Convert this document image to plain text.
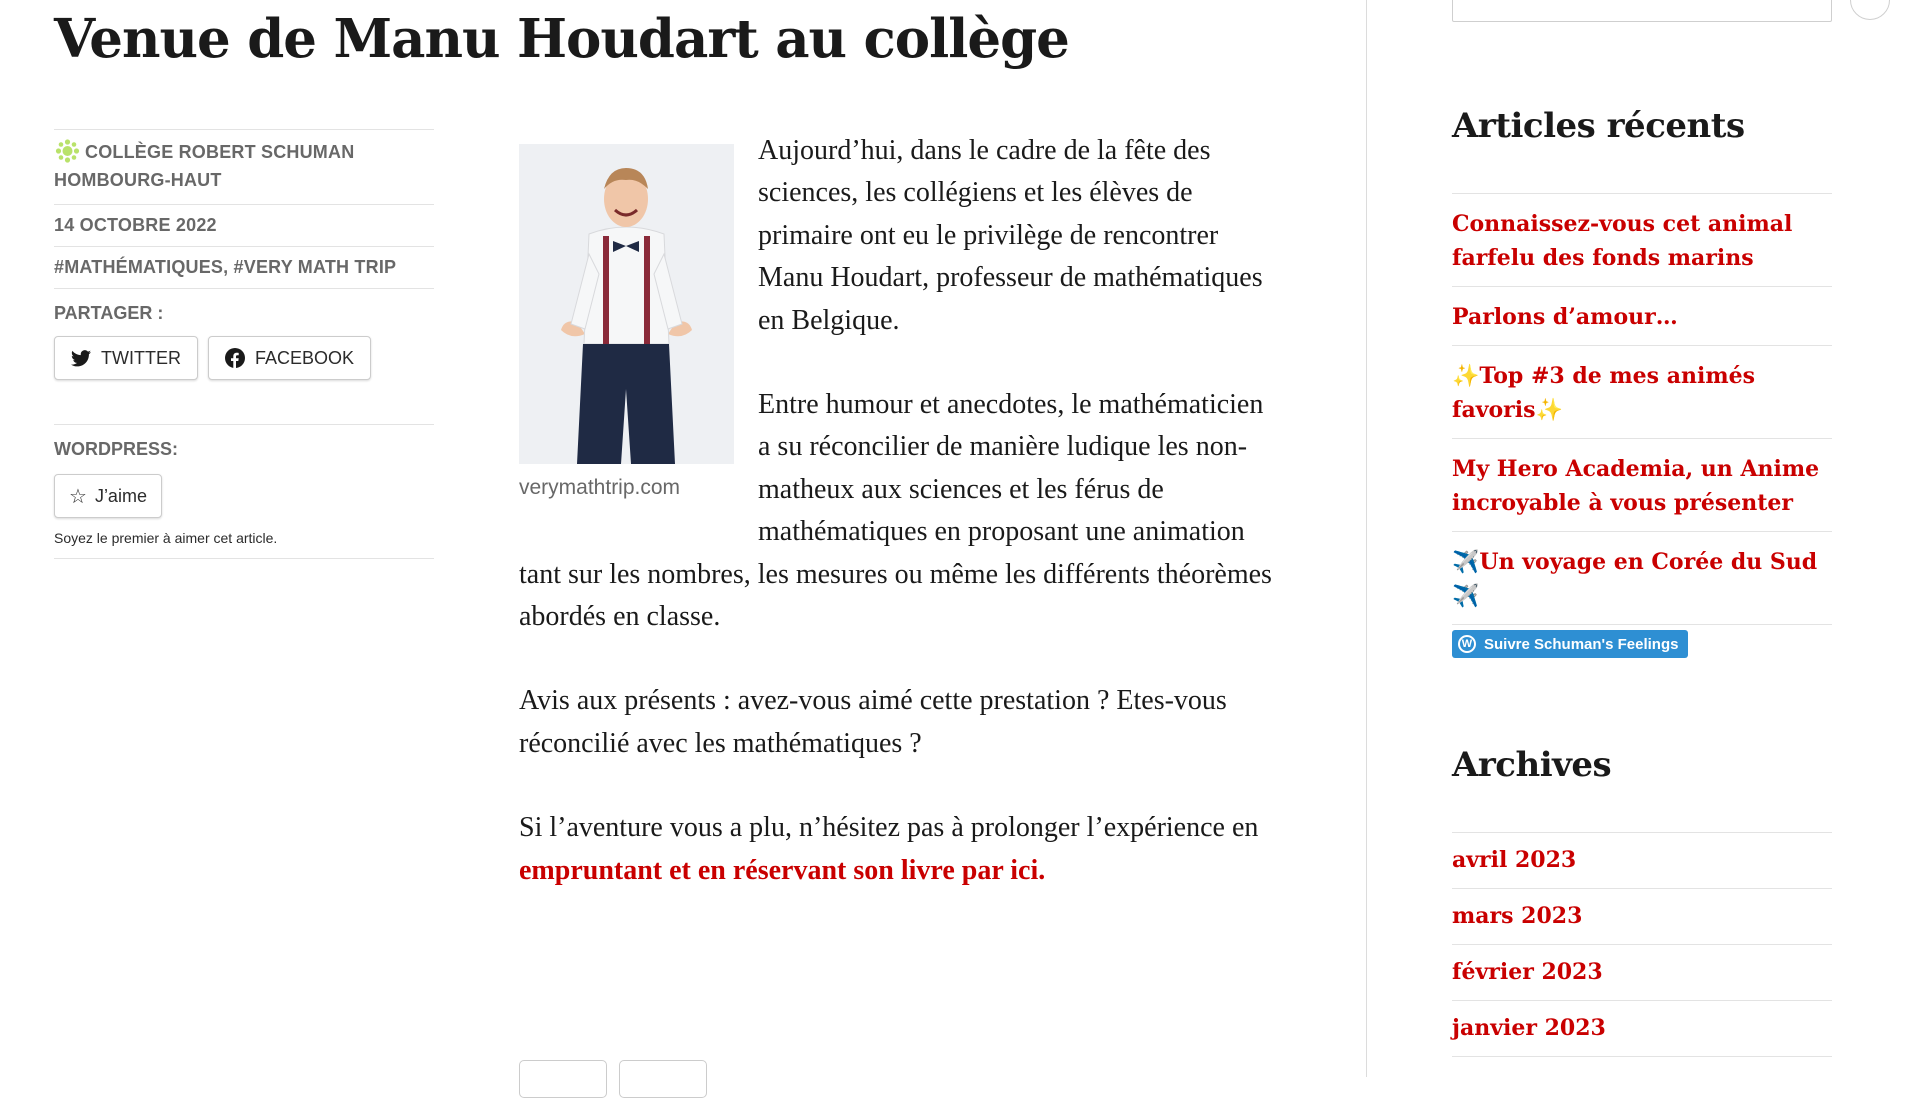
Venue de Manu Houdart au collège
COLLÈGE ROBERT SCHUMAN HOMBOURG-HAUT
14 OCTOBRE 2022
#MATHÉMATIQUES, #VERY MATH TRIP
PARTAGER :
TWITTER	FACEBOOK
WORDPRESS:
☆ J’aime
Soyez le premier à aimer cet article.
verymathtrip.com

Aujourd’hui, dans le cadre de la fête des sciences, les collégiens et les élèves de primaire ont eu le privilège de rencontrer Manu Houdart, professeur de mathématiques en Belgique.

Entre humour et anecdotes, le mathématicien a su réconcilier de manière ludique les non-matheux aux sciences et les férus de mathématiques en proposant une animation tant sur les nombres, les mesures ou même les différents théorèmes abordés en classe.

Avis aux présents : avez-vous aimé cette prestation ? Etes-vous réconcilié avec les mathématiques ?

Si l’aventure vous a plu, n’hésitez pas à prolonger l’expérience en empruntant et en réservant son livre par ici.

Articles récents
Connaissez-vous cet animal farfelu des fonds marins
Parlons d’amour…
✨Top #3 de mes animés favoris✨
My Hero Academia, un Anime incroyable à vous présenter
✈️Un voyage en Corée du Sud ✈️
W Suivre Schuman's Feelings
Archives
avril 2023
mars 2023
février 2023
janvier 2023
